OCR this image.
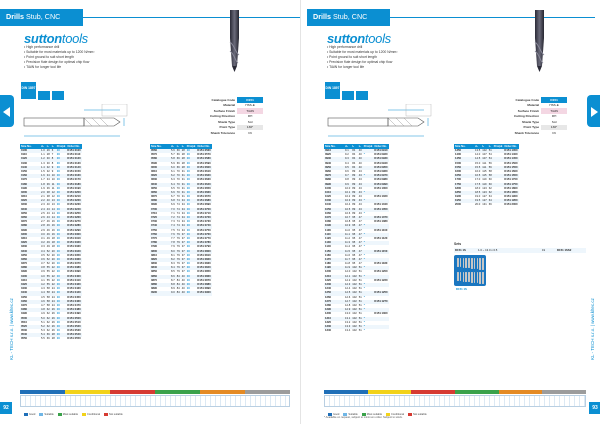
Drills Stub, CNC
suttontools
• High performance drill
• Suitable for most materials up to 1200 N/mm²
• Point ground to suit short length
• Precision flute design for optimal chip flow
• TiAlN for longer tool life
DIN 1897
Catalogue Code	D151
Material	HSS-E
Surface Finish	TiAlN
Cutting Direction	RH
Shank Type	Std
Point Type	130°
Shank Tolerance	h6
KL - TECH s.r.o. | www.kltec.cz
Size No.	d₁	l₁	l₂	Pcs/pk	Order No.
0100	1.0	26	6	10	D151 0100
0110	1.1	28	7	10	D151 0110
0120	1.2	30	8	10	D151 0120
0130	1.3	30	8	10	D151 0130
0140	1.4	32	9	10	D151 0140
0150	1.5	32	9	10	D151 0150
0160	1.6	34	10	10	D151 0160
0170	1.7	34	10	10	D151 0170
0180	1.8	36	11	10	D151 0180
0190	1.9	36	11	10	D151 0190
0200	2.0	38	12	10	D151 0200
0210	2.1	38	12	10	D151 0210
0220	2.2	40	13	10	D151 0220
0230	2.3	40	13	10	D151 0230
0240	2.4	43	14	10	D151 0240
0250	2.5	43	14	10	D151 0250
0260	2.6	43	14	10	D151 0260
0270	2.7	46	16	10	D151 0270
0280	2.8	46	16	10	D151 0280
0290	2.9	46	16	10	D151 0290
0300	3.0	46	16	10	D151 0300
0310	3.1	49	18	10	D151 0310
0320	3.2	49	18	10	D151 0320
0330	3.3	49	18	10	D151 0330
0340	3.4	52	20	10	D151 0340
0350	3.5	52	20	10	D151 0350
0360	3.6	52	20	10	D151 0360
0370	3.7	52	20	10	D151 0370
0380	3.8	55	22	10	D151 0380
0390	3.9	55	22	10	D151 0390
0400	4.0	55	22	10	D151 0400
0410	4.1	55	22	10	D151 0410
0420	4.2	55	22	10	D151 0420
0430	4.3	58	24	10	D151 0430
0440	4.4	58	24	10	D151 0440
0450	4.5	58	24	10	D151 0450
0460	4.6	58	24	10	D151 0460
0470	4.7	58	24	10	D151 0470
0480	4.8	62	26	10	D151 0480
0490	4.9	62	26	10	D151 0490
0500	5.0	62	26	10	D151 0500
0510	5.1	62	26	10	D151 0510
0520	5.2	62	26	10	D151 0520
0530	5.3	62	26	10	D151 0530
0540	5.4	66	28	10	D151 0540
0550	5.5	66	28	10	D151 0550
Size No.	d₁	l₁	l₂	Pcs/pk	Order No.
0560	5.6	66	28	10	D151 0560
0570	5.7	66	28	10	D151 0570
0580	5.8	66	28	10	D151 0580
0590	5.9	66	28	10	D151 0590
0600	6.0	66	28	10	D151 0600
0610	6.1	70	31	10	D151 0610
0620	6.2	70	31	10	D151 0620
0630	6.3	70	31	10	D151 0630
0640	6.4	70	31	10	D151 0640
0650	6.5	70	31	10	D151 0650
0660	6.6	70	31	10	D151 0660
0670	6.7	70	31	10	D151 0670
0680	6.8	74	34	10	D151 0680
0690	6.9	74	34	10	D151 0690
0700	7.0	74	34	10	D151 0700
0710	7.1	74	34	10	D151 0710
0720	7.2	74	34	10	D151 0720
0730	7.3	74	34	10	D151 0730
0740	7.4	74	34	10	D151 0740
0750	7.5	74	34	10	D151 0750
0760	7.6	79	37	10	D151 0760
0770	7.7	79	37	10	D151 0770
0780	7.8	79	37	10	D151 0780
0790	7.9	79	37	10	D151 0790
0800	8.0	79	37	10	D151 0800
0810	8.1	79	37	10	D151 0810
0820	8.2	79	37	10	D151 0820
0830	8.3	79	37	10	D151 0830
0840	8.4	79	37	10	D151 0840
0850	8.5	79	37	10	D151 0850
0860	8.6	84	40	10	D151 0860
0870	8.7	84	40	10	D151 0870
0880	8.8	84	40	10	D151 0880
0890	8.9	84	40	10	D151 0890
0900	9.0	84	40	10	D151 0900
Good	Suitable	Most suitable	Conditional	Not suitable
92
Drills Stub, CNC
suttontools
• High performance drill
• Suitable for most materials up to 1200 N/mm²
• Point ground to suit short length
• Precision flute design for optimal chip flow
• TiAlN for longer tool life
DIN 1897
Catalogue Code	D151
Material	HSS-E
Surface Finish	TiAlN
Cutting Direction	RH
Shank Type	Std
Point Type	130°
Shank Tolerance	h6
KL - TECH s.r.o. | www.kltec.cz
Size No.	d₁	l₁	l₂	Pcs/pk	Order No.
0910	9.1	84	40		D151 0910
0920	9.2	84	40	*	D151 0920
0930	9.3	84	40		D151 0930
0940	9.4	84	40		D151 0940
0950	9.5	84	40		D151 0950
0960	9.6	89	43		D151 0960
0970	9.7	89	43	*	D151 0970
0980	9.8	89	43		D151 0980
0990	9.9	89	43		D151 0990
1000	10.0	89	43		D151 1000
1010	10.1	89	43	*	
1020	10.2	89	43		D151 1020
1030	10.3	89	43	*	
1040	10.4	89	43		D151 1040
1050	10.5	89	43		D151 1050
1060	10.6	89	43	*	
1070	10.7	95	47		D151 1070
1080	10.8	95	47		D151 1080
1090	10.9	95	47	*	
1100	11.0	95	47		D151 1100
1110	11.1	95	47	*	
1120	11.2	95	47		D151 1120
1130	11.3	95	47	*	
1140	11.4	95	47	*	
1150	11.5	95	47		D151 1150
1160	11.6	95	47	*	
1170	11.7	95	47	*	
1180	11.8	95	47		D151 1180
1190	11.9	102	51	*	
1200	12.0	102	51		D151 1200
1210	12.1	102	51	*	
1220	12.2	102	51		D151 1220
1230	12.3	102	51	*	
1240	12.4	102	51	*	
1250	12.5	102	51		D151 1250
1260	12.6	102	51	*	
1270	12.7	102	51		D151 1270
1280	12.8	102	51	*	
1290	12.9	102	51	*	
1300	13.0	102	51		D151 1300
1310	13.1	102	51	*	
1320	13.2	102	51	*	
1330	13.3	102	51	*	
1340	13.4	102	51	*	
Size No.	d₁	l₁	l₂	Pcs/pk	Order No.
1350	13.5	102	51		D151 1350
1400	14.0	107	54		D151 1400
1450	14.5	107	54		D151 1450
1500	15.0	111	56		D151 1500
1550	15.5	111	56		D151 1550
1600	16.0	115	58		D151 1600
1650	16.5	115	58		D151 1650
1700	17.0	119	60		D151 1700
1750	17.5	119	60		D151 1750
1800	18.0	123	62		D151 1800
1850	18.5	123	62		D151 1850
1900	19.0	127	64		D151 1900
1950	19.5	127	64		D151 1950
2000	20.0	131	66		D151 2000
Sets
D151 1S	1.0 ~ 13.0 x 0.5	19	D151 1SS2
D151 1S
Good	Suitable	Most suitable	Conditional	Not suitable
* Available on request, subject to minimum order. Subject to stock.
93
